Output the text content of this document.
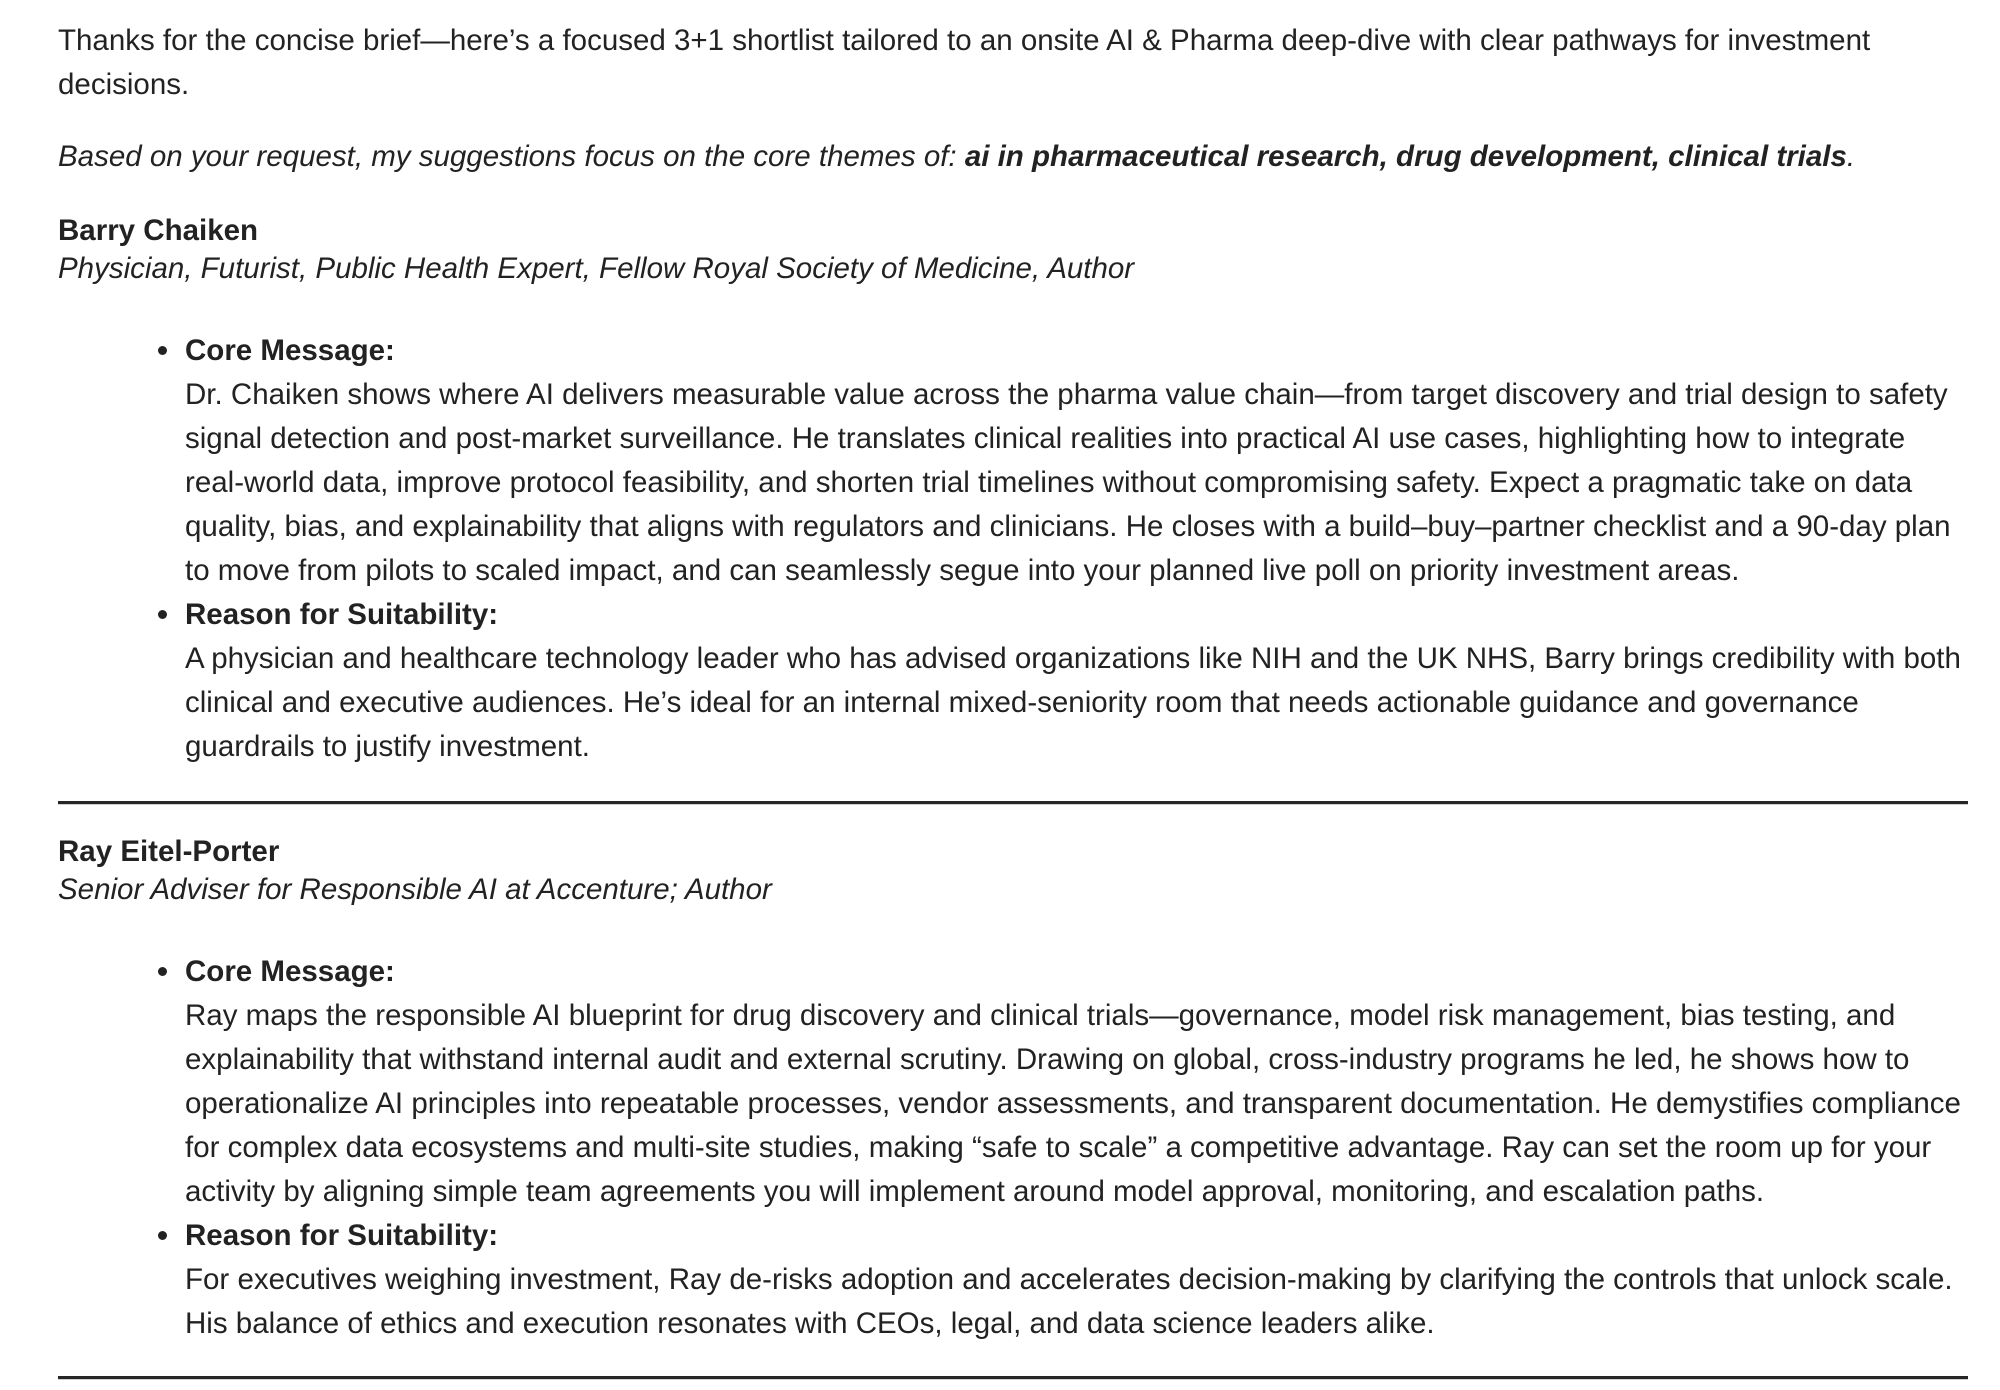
Thanks for the concise brief—here’s a focused 3+1 shortlist tailored to an onsite AI & Pharma deep-dive with clear pathways for investment decisions.

Based on your request, my suggestions focus on the core themes of: ai in pharmaceutical research, drug development, clinical trials.

Barry Chaiken

Physician, Futurist, Public Health Expert, Fellow Royal Society of Medicine, Author

Core Message:
Dr. Chaiken shows where AI delivers measurable value across the pharma value chain—from target discovery and trial design to safety signal detection and post-market surveillance. He translates clinical realities into practical AI use cases, highlighting how to integrate real-world data, improve protocol feasibility, and shorten trial timelines without compromising safety. Expect a pragmatic take on data quality, bias, and explainability that aligns with regulators and clinicians. He closes with a build–buy–partner checklist and a 90-day plan to move from pilots to scaled impact, and can seamlessly segue into your planned live poll on priority investment areas.
Reason for Suitability:
A physician and healthcare technology leader who has advised organizations like NIH and the UK NHS, Barry brings credibility with both clinical and executive audiences. He’s ideal for an internal mixed-seniority room that needs actionable guidance and governance guardrails to justify investment.

Ray Eitel-Porter

Senior Adviser for Responsible AI at Accenture; Author

Core Message:
Ray maps the responsible AI blueprint for drug discovery and clinical trials—governance, model risk management, bias testing, and explainability that withstand internal audit and external scrutiny. Drawing on global, cross-industry programs he led, he shows how to operationalize AI principles into repeatable processes, vendor assessments, and transparent documentation. He demystifies compliance for complex data ecosystems and multi-site studies, making “safe to scale” a competitive advantage. Ray can set the room up for your activity by aligning simple team agreements you will implement around model approval, monitoring, and escalation paths.
Reason for Suitability:
For executives weighing investment, Ray de-risks adoption and accelerates decision-making by clarifying the controls that unlock scale. His balance of ethics and execution resonates with CEOs, legal, and data science leaders alike.
